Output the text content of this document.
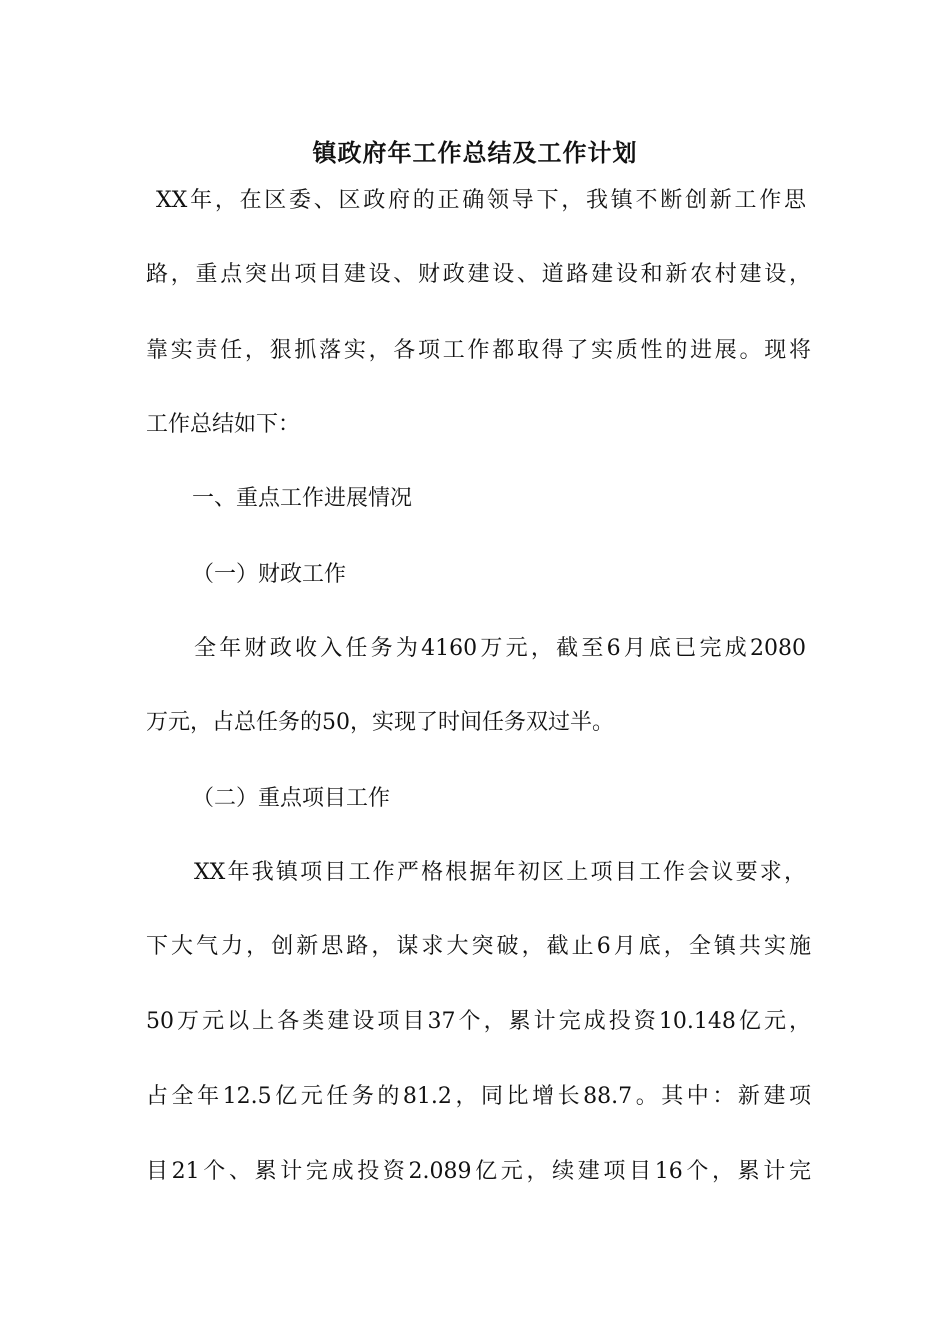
镇政府年工作总结及工作计划
XX年，在区委、区政府的正确领导下，我镇不断创新工作思
路，重点突出项目建设、财政建设、道路建设和新农村建设，
靠实责任，狠抓落实，各项工作都取得了实质性的进展。现将
工作总结如下：
一、重点工作进展情况
（一）财政工作
全年财政收入任务为4160万元，截至6月底已完成2080
万元，占总任务的50，实现了时间任务双过半。
（二）重点项目工作
XX年我镇项目工作严格根据年初区上项目工作会议要求，
下大气力，创新思路，谋求大突破，截止6月底，全镇共实施
50万元以上各类建设项目37个，累计完成投资10.148亿元，
占全年12.5亿元任务的81.2，同比增长88.7。其中：新建项
目21个、累计完成投资2.089亿元，续建项目16个，累计完
